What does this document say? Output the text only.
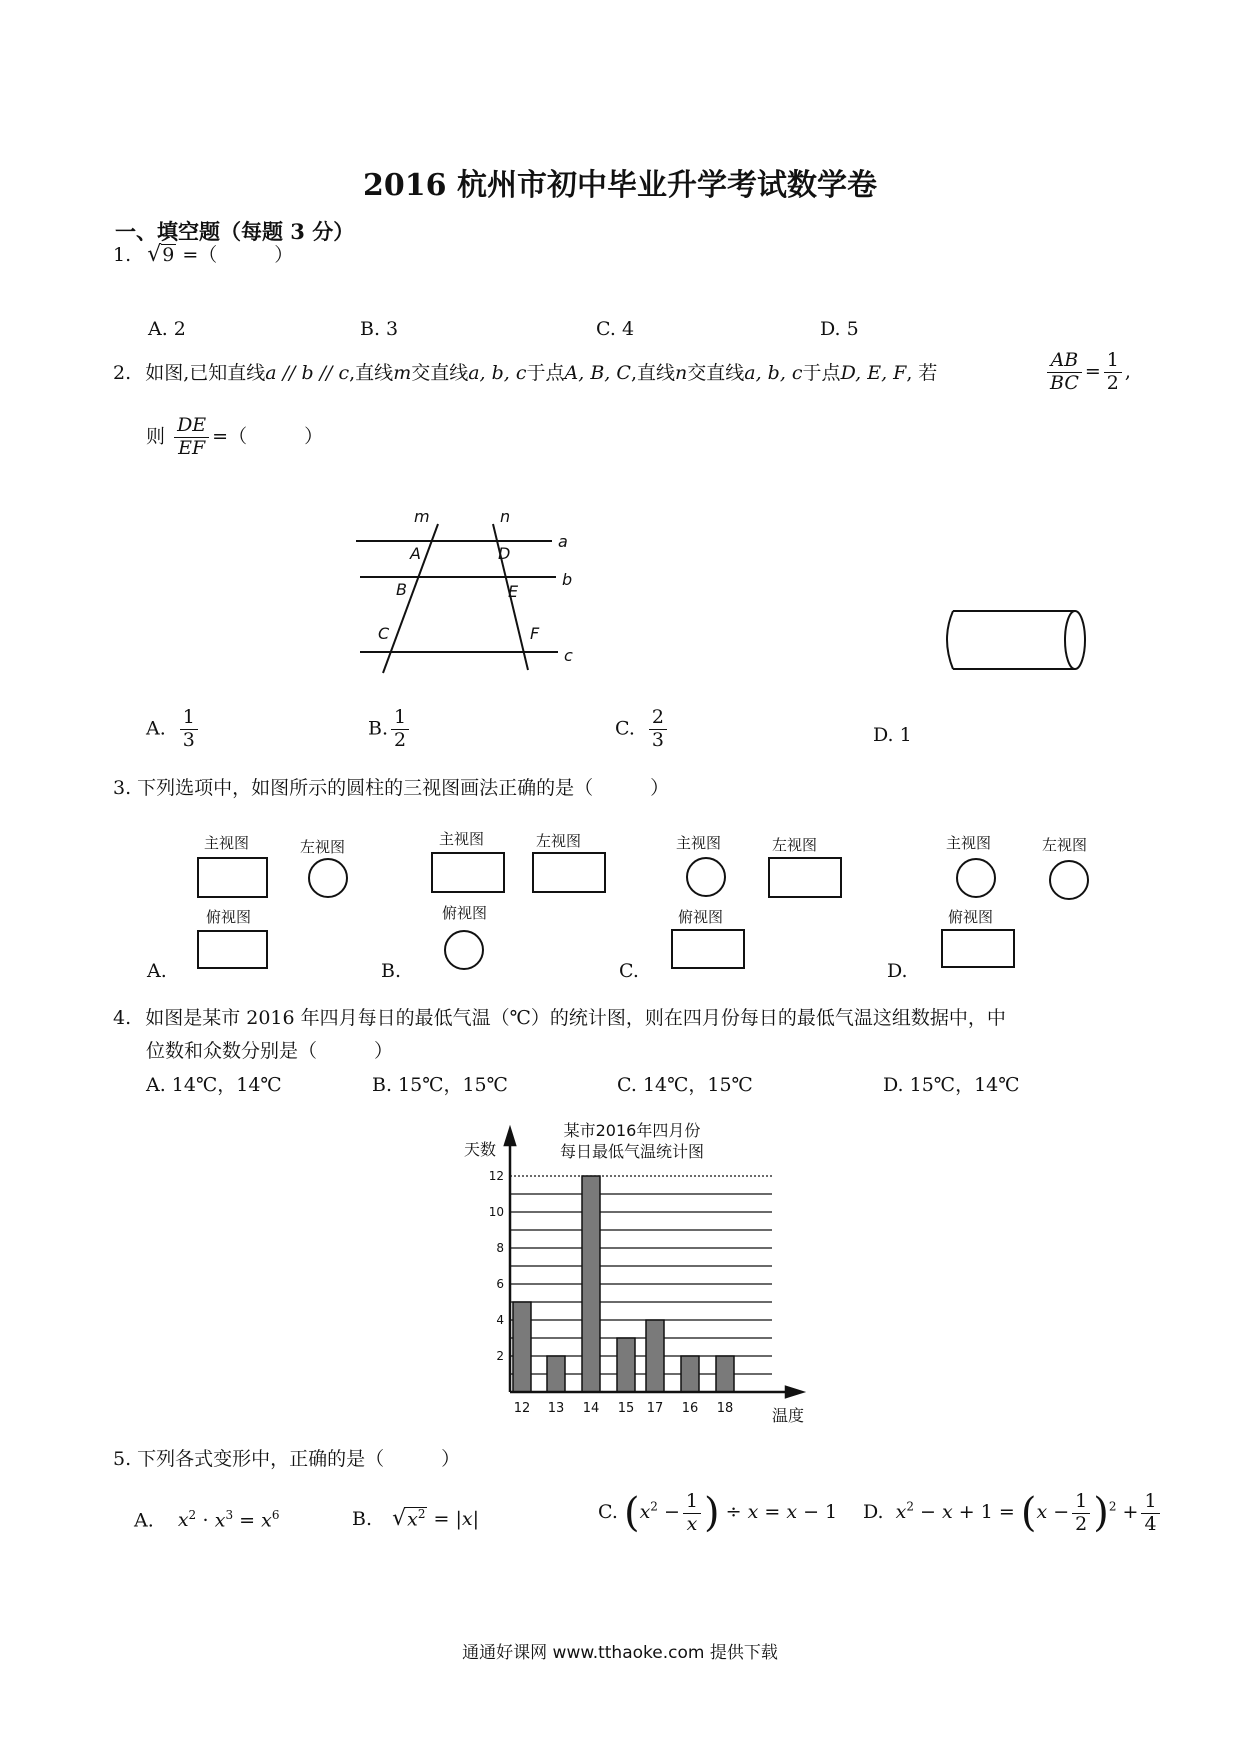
2016 杭州市初中毕业升学考试数学卷
一、填空题（每题 3 分）
1. √9 =（　　　）
A. 2	B. 3	C. 4	D. 5
2. 如图,已知直线a // b // c,直线m交直线a, b, c于点A, B, C,直线n交直线a, b, c于点D, E, F, 若	$\frac{AB}{BC} = \frac{1}{2}$ ,
则 $\frac{DE}{EF}$ =（　　　）
m	n
a
b
c
A
B
C
D
E
F
A. $\frac{1}{3}$	B. $\frac{1}{2}$	C. $\frac{2}{3}$	D. 1
3. 下列选项中，如图所示的圆柱的三视图画法正确的是（　　　）
主视图	左视图
俯视图
A.
主视图	左视图
俯视图
B.
主视图	左视图
俯视图
C.
主视图	左视图
俯视图
D.
4. 如图是某市 2016 年四月每日的最低气温（℃）的统计图，则在四月份每日的最低气温这组数据中，中
位数和众数分别是（　　　）
A. 14℃，14℃	B. 15℃，15℃	C. 14℃，15℃	D. 15℃，14℃
某市2016年四月份
每日最低气温统计图
天数
温度
2
4
6
8
10
12
12 13 14 15 17 16 18
5. 下列各式变形中，正确的是（　　　）
A. $x^2 \cdot x^3 = x^6$	B. $√x^2 = |x|$	C. ($x^2 - \frac{1}{x}$ ) ÷ x = x − 1 D. $x^2 - x + 1 = (x - \frac{1}{2} )^2 + \frac{1}{4}$
通通好课网 www.tthaoke.com 提供下载
